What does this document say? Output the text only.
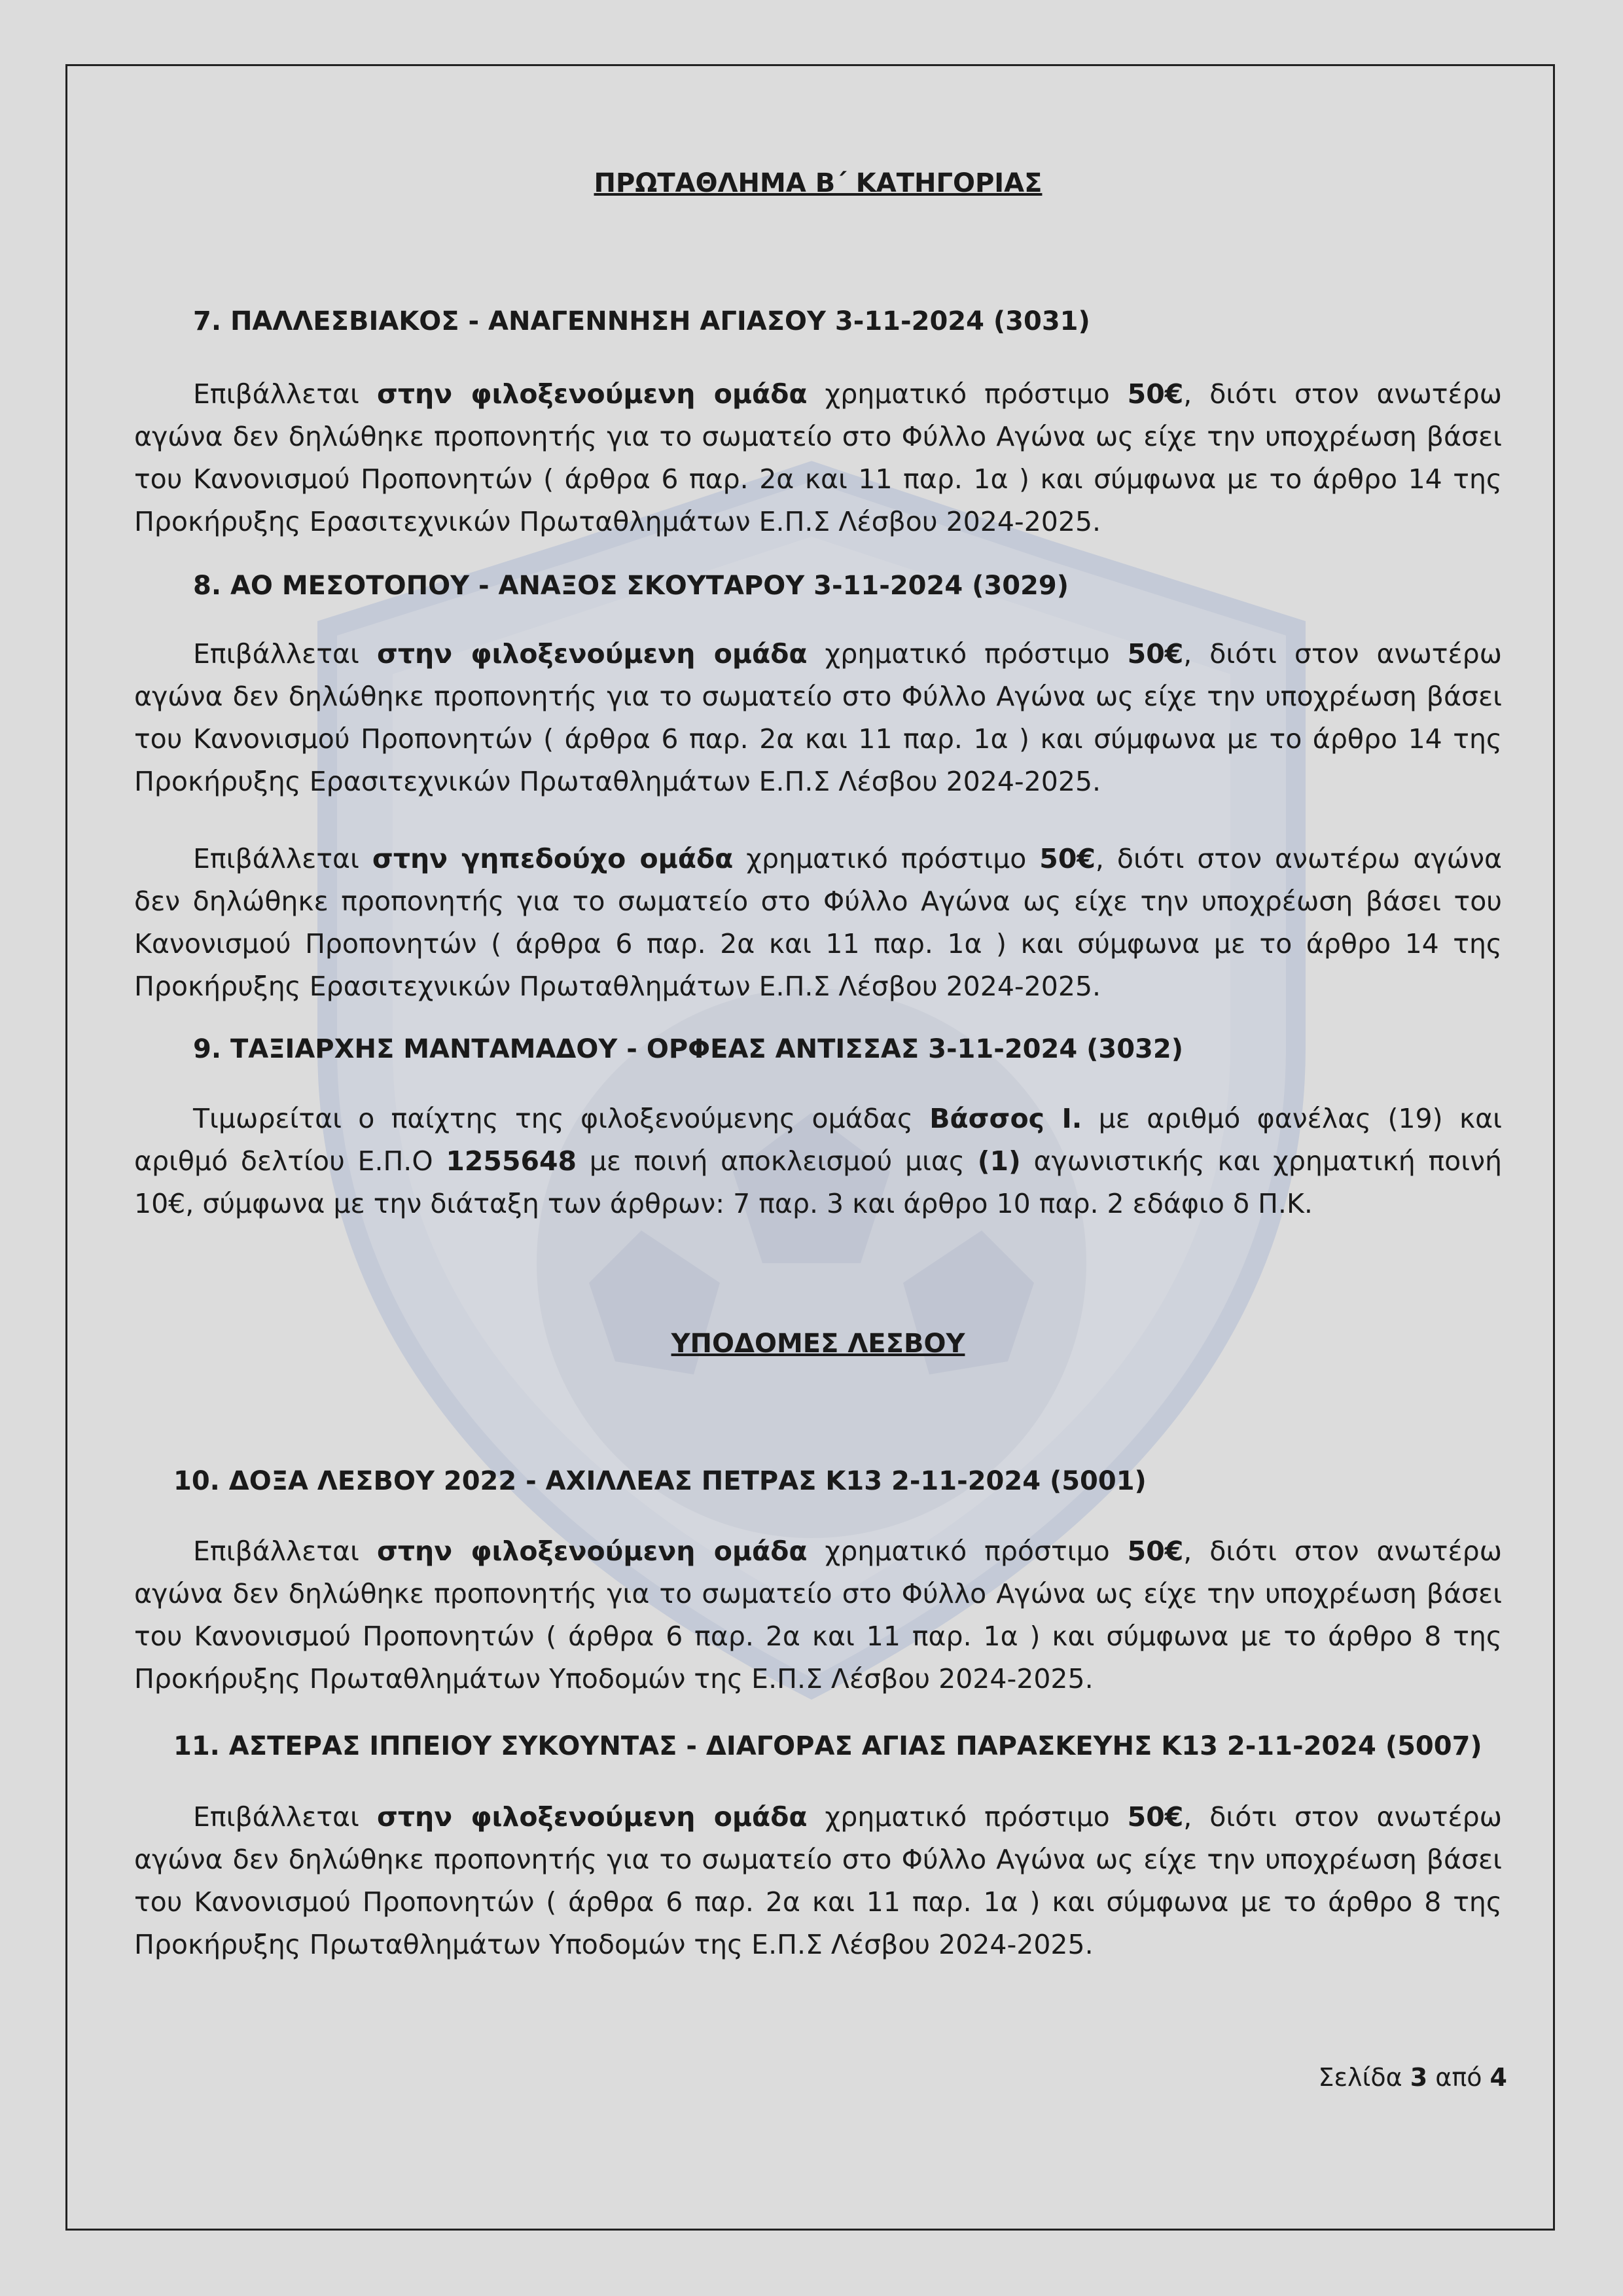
ΠΡΩΤΑΘΛΗΜΑ Β΄ ΚΑΤΗΓΟΡΙΑΣ

7. ΠΑΛΛΕΣΒΙΑΚΟΣ - ΑΝΑΓΕΝΝΗΣΗ ΑΓΙΑΣΟΥ 3-11-2024 (3031)

Επιβάλλεται στην φιλοξενούμενη ομάδα χρηματικό πρόστιμο 50€, διότι στον ανωτέρω αγώνα δεν δηλώθηκε προπονητής για το σωματείο στο Φύλλο Αγώνα ως είχε την υποχρέωση βάσει του Κανονισμού Προπονητών ( άρθρα 6 παρ. 2α και 11 παρ. 1α ) και σύμφωνα με το άρθρο 14 της Προκήρυξης Ερασιτεχνικών Πρωταθλημάτων Ε.Π.Σ Λέσβου 2024-2025.

8. ΑΟ ΜΕΣΟΤΟΠΟΥ - ΑΝΑΞΟΣ ΣΚΟΥΤΑΡΟΥ 3-11-2024 (3029)

Επιβάλλεται στην φιλοξενούμενη ομάδα χρηματικό πρόστιμο 50€, διότι στον ανωτέρω αγώνα δεν δηλώθηκε προπονητής για το σωματείο στο Φύλλο Αγώνα ως είχε την υποχρέωση βάσει του Κανονισμού Προπονητών ( άρθρα 6 παρ. 2α και 11 παρ. 1α ) και σύμφωνα με το άρθρο 14 της Προκήρυξης Ερασιτεχνικών Πρωταθλημάτων Ε.Π.Σ Λέσβου 2024-2025.

Επιβάλλεται στην γηπεδούχο ομάδα χρηματικό πρόστιμο 50€, διότι στον ανωτέρω αγώνα δεν δηλώθηκε προπονητής για το σωματείο στο Φύλλο Αγώνα ως είχε την υποχρέωση βάσει του Κανονισμού Προπονητών ( άρθρα 6 παρ. 2α και 11 παρ. 1α ) και σύμφωνα με το άρθρο 14 της Προκήρυξης Ερασιτεχνικών Πρωταθλημάτων Ε.Π.Σ Λέσβου 2024-2025.

9. ΤΑΞΙΑΡΧΗΣ ΜΑΝΤΑΜΑΔΟΥ - ΟΡΦΕΑΣ ΑΝΤΙΣΣΑΣ 3-11-2024 (3032)

Τιμωρείται ο παίχτης της φιλοξενούμενης ομάδας Βάσσος Ι. με αριθμό φανέλας (19) και αριθμό δελτίου Ε.Π.Ο 1255648 με ποινή αποκλεισμού μιας (1) αγωνιστικής και χρηματική ποινή 10€, σύμφωνα με την διάταξη των άρθρων: 7 παρ. 3 και άρθρο 10 παρ. 2 εδάφιο δ Π.Κ.

ΥΠΟΔΟΜΕΣ ΛΕΣΒΟΥ

10. ΔΟΞΑ ΛΕΣΒΟΥ 2022 - ΑΧΙΛΛΕΑΣ ΠΕΤΡΑΣ Κ13 2-11-2024 (5001)

Επιβάλλεται στην φιλοξενούμενη ομάδα χρηματικό πρόστιμο 50€, διότι στον ανωτέρω αγώνα δεν δηλώθηκε προπονητής για το σωματείο στο Φύλλο Αγώνα ως είχε την υποχρέωση βάσει του Κανονισμού Προπονητών ( άρθρα 6 παρ. 2α και 11 παρ. 1α ) και σύμφωνα με το άρθρο 8 της Προκήρυξης Πρωταθλημάτων Υποδομών της Ε.Π.Σ Λέσβου 2024-2025.

11. ΑΣΤΕΡΑΣ ΙΠΠΕΙΟΥ ΣΥΚΟΥΝΤΑΣ - ΔΙΑΓΟΡΑΣ ΑΓΙΑΣ ΠΑΡΑΣΚΕΥΗΣ Κ13 2-11-2024 (5007)

Επιβάλλεται στην φιλοξενούμενη ομάδα χρηματικό πρόστιμο 50€, διότι στον ανωτέρω αγώνα δεν δηλώθηκε προπονητής για το σωματείο στο Φύλλο Αγώνα ως είχε την υποχρέωση βάσει του Κανονισμού Προπονητών ( άρθρα 6 παρ. 2α και 11 παρ. 1α ) και σύμφωνα με το άρθρο 8 της Προκήρυξης Πρωταθλημάτων Υποδομών της Ε.Π.Σ Λέσβου 2024-2025.

Σελίδα 3 από 4
